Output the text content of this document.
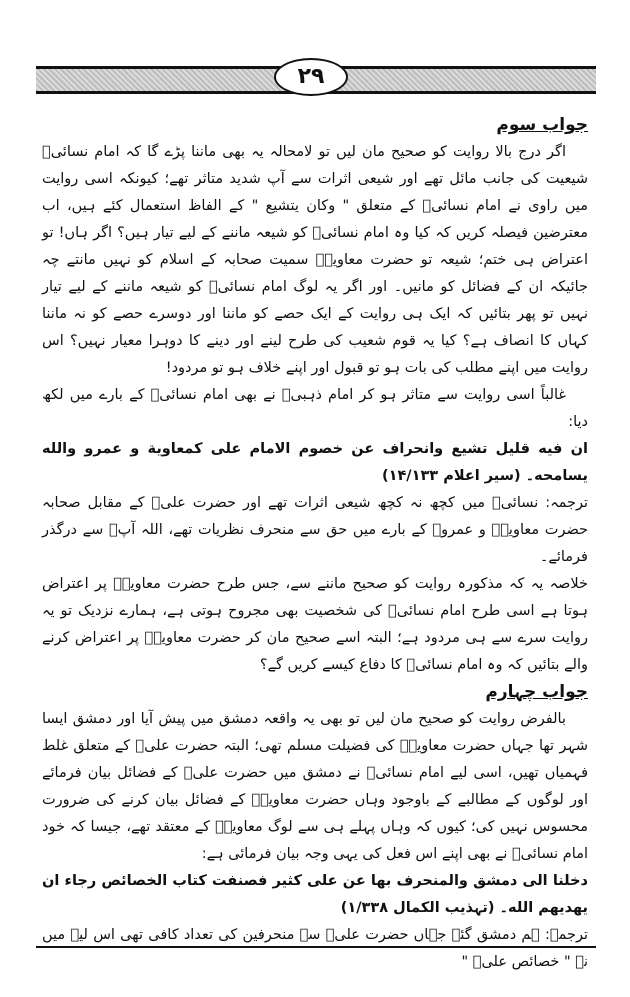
۲۹

جواب سوم

اگر درج بالا روایت کو صحیح مان لیں تو لامحالہ یہ بھی ماننا پڑے گا کہ امام نسائیؒ شیعیت کی جانب مائل تھے اور شیعی اثرات سے آپ شدید متاثر تھے؛ کیونکہ اسی روایت میں راوی نے امام نسائیؒ کے متعلق " وکان یتشیع " کے الفاظ استعمال کئے ہیں، اب معترضین فیصلہ کریں کہ کیا وہ امام نسائیؒ کو شیعہ ماننے کے لیے تیار ہیں؟ اگر ہاں! تو اعتراض ہی ختم؛ شیعہ تو حضرت معاویہؓ سمیت صحابہ کے اسلام کو نہیں مانتے چہ جائیکہ ان کے فضائل کو مانیں۔ اور اگر یہ لوگ امام نسائیؒ کو شیعہ ماننے کے لیے تیار نہیں تو پھر بتائیں کہ ایک ہی روایت کے ایک حصے کو ماننا اور دوسرے حصے کو نہ ماننا کہاں کا انصاف ہے؟ کیا یہ قوم شعیب کی طرح لینے اور دینے کا دوہرا معیار نہیں؟ اس روایت میں اپنے مطلب کی بات ہو تو قبول اور اپنے خلاف ہو تو مردود!

غالباً اسی روایت سے متاثر ہو کر امام ذہبیؒ نے بھی امام نسائیؒ کے بارے میں لکھ دیا:

ان فیه قلیل تشیع وانحراف عن خصوم الامام علی کمعاویة و عمرو والله یسامحه۔ (سیر اعلام ۱۴/۱۳۳)

ترجمہ: نسائیؒ میں کچھ نہ کچھ شیعی اثرات تھے اور حضرت علیؓ کے مقابل صحابہ حضرت معاویہؓ و عمروؓ کے بارے میں حق سے منحرف نظریات تھے، اللہ آپؒ سے درگذر فرمائے۔

خلاصہ یہ کہ مذکورہ روایت کو صحیح ماننے سے، جس طرح حضرت معاویہؓ پر اعتراض ہوتا ہے اسی طرح امام نسائیؒ کی شخصیت بھی مجروح ہوتی ہے، ہمارے نزدیک تو یہ روایت سرے سے ہی مردود ہے؛ البتہ اسے صحیح مان کر حضرت معاویہؓ پر اعتراض کرنے والے بتائیں کہ وہ امام نسائیؒ کا دفاع کیسے کریں گے؟

جواب چہارم

بالفرض روایت کو صحیح مان لیں تو بھی یہ واقعہ دمشق میں پیش آیا اور دمشق ایسا شہر تھا جہاں حضرت معاویہؓ کی فضیلت مسلم تھی؛ البتہ حضرت علیؓ کے متعلق غلط فہمیاں تھیں، اسی لیے امام نسائیؒ نے دمشق میں حضرت علیؓ کے فضائل بیان فرمائے اور لوگوں کے مطالبے کے باوجود وہاں حضرت معاویہؓ کے فضائل بیان کرنے کی ضرورت محسوس نہیں کی؛ کیوں کہ وہاں پہلے ہی سے لوگ معاویہؓ کے معتقد تھے، جیسا کہ خود امام نسائیؒ نے بھی اپنے اس فعل کی یہی وجہ بیان فرمائی ہے:

دخلنا الی دمشق والمنحرف بها عن علی کثیر فصنفت کتاب الخصائص رجاء ان یهدیهم الله۔ (تہذیب الکمال ۱/۳۳۸)

ترجمہ: ہم دمشق گئے جہاں حضرت علیؓ سے منحرفین کی تعداد کافی تھی اس لیے میں نے " خصائص علیؓ "
